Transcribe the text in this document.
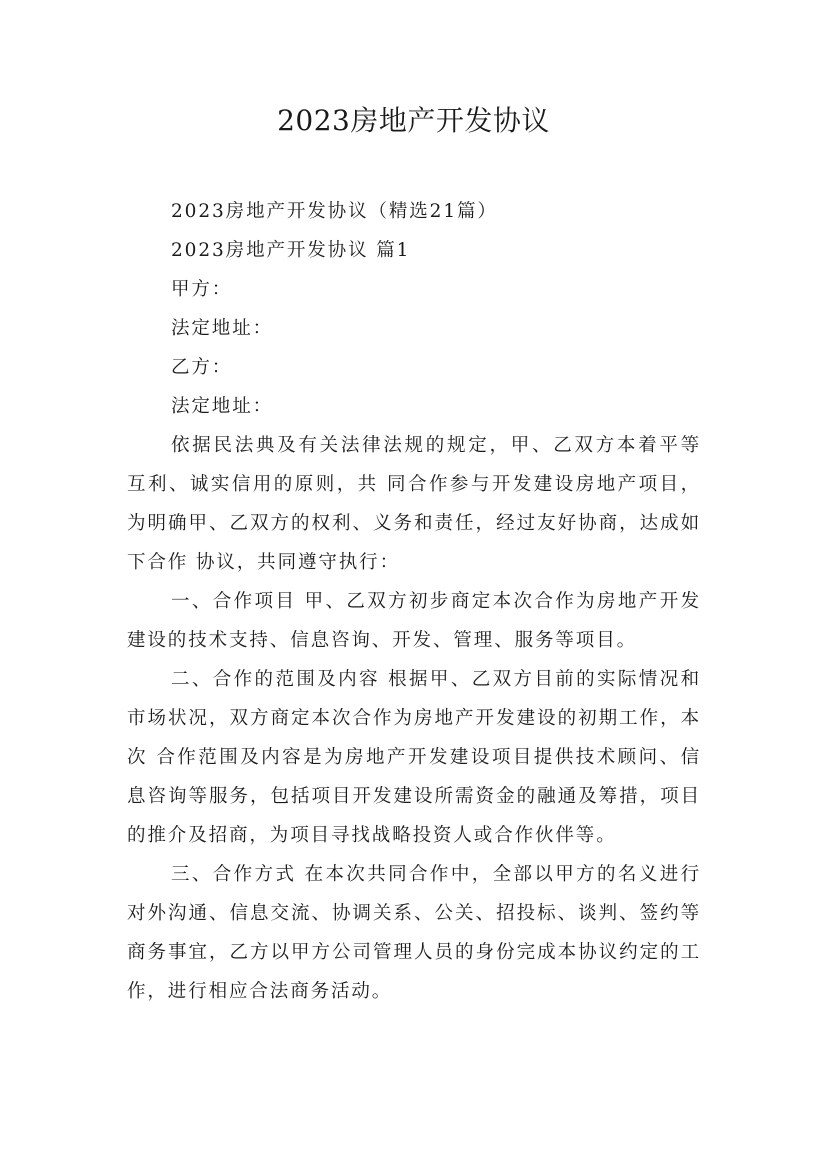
2023房地产开发协议

2023房地产开发协议（精选21篇）

2023房地产开发协议 篇1

甲方：

法定地址：

乙方：

法定地址：

依据民法典及有关法律法规的规定，甲、乙双方本着平等互利、诚实信用的原则，共 同合作参与开发建设房地产项目，为明确甲、乙双方的权利、义务和责任，经过友好协商，达成如下合作 协议，共同遵守执行：

一、合作项目 甲、乙双方初步商定本次合作为房地产开发建设的技术支持、信息咨询、开发、管理、服务等项目。

二、合作的范围及内容 根据甲、乙双方目前的实际情况和市场状况，双方商定本次合作为房地产开发建设的初期工作，本次 合作范围及内容是为房地产开发建设项目提供技术顾问、信息咨询等服务，包括项目开发建设所需资金的融通及筹措，项目的推介及招商，为项目寻找战略投资人或合作伙伴等。

三、合作方式 在本次共同合作中，全部以甲方的名义进行对外沟通、信息交流、协调关系、公关、招投标、谈判、签约等商务事宜，乙方以甲方公司管理人员的身份完成本协议约定的工作，进行相应合法商务活动。
